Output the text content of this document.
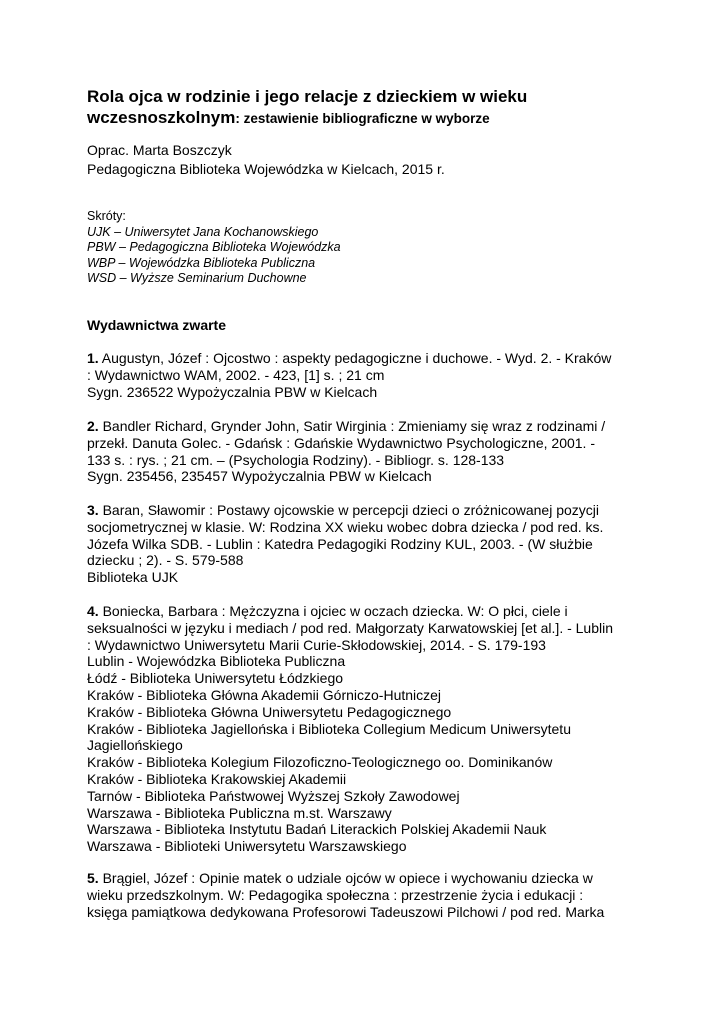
Rola ojca w rodzinie i jego relacje z dzieckiem w wieku
wczesnoszkolnym: zestawienie bibliograficzne w wyborze
Oprac. Marta Boszczyk
Pedagogiczna Biblioteka Wojewódzka w Kielcach, 2015 r.
Skróty:
UJK – Uniwersytet Jana Kochanowskiego
PBW – Pedagogiczna Biblioteka Wojewódzka
WBP – Wojewódzka Biblioteka Publiczna
WSD – Wyższe Seminarium Duchowne
Wydawnictwa zwarte
1. Augustyn, Józef : Ojcostwo : aspekty pedagogiczne i duchowe. - Wyd. 2. - Kraków
: Wydawnictwo WAM, 2002. - 423, [1] s. ; 21 cm
Sygn. 236522 Wypożyczalnia PBW w Kielcach
2. Bandler Richard, Grynder John, Satir Wirginia : Zmieniamy się wraz z rodzinami /
przekł. Danuta Golec. - Gdańsk : Gdańskie Wydawnictwo Psychologiczne, 2001. -
133 s. : rys. ; 21 cm. – (Psychologia Rodziny). - Bibliogr. s. 128-133
Sygn. 235456, 235457 Wypożyczalnia PBW w Kielcach
3. Baran, Sławomir : Postawy ojcowskie w percepcji dzieci o zróżnicowanej pozycji
socjometrycznej w klasie. W: Rodzina XX wieku wobec dobra dziecka / pod red. ks.
Józefa Wilka SDB. - Lublin : Katedra Pedagogiki Rodziny KUL, 2003. - (W służbie
dziecku ; 2). - S. 579-588
Biblioteka UJK
4. Boniecka, Barbara : Mężczyzna i ojciec w oczach dziecka. W: O płci, ciele i
seksualności w języku i mediach / pod red. Małgorzaty Karwatowskiej [et al.]. - Lublin
: Wydawnictwo Uniwersytetu Marii Curie-Skłodowskiej, 2014. - S. 179-193
Lublin - Wojewódzka Biblioteka Publiczna
Łódź - Biblioteka Uniwersytetu Łódzkiego
Kraków - Biblioteka Główna Akademii Górniczo-Hutniczej
Kraków - Biblioteka Główna Uniwersytetu Pedagogicznego
Kraków - Biblioteka Jagiellońska i Biblioteka Collegium Medicum Uniwersytetu
Jagiellońskiego
Kraków - Biblioteka Kolegium Filozoficzno-Teologicznego oo. Dominikanów
Kraków - Biblioteka Krakowskiej Akademii
Tarnów - Biblioteka Państwowej Wyższej Szkoły Zawodowej
Warszawa - Biblioteka Publiczna m.st. Warszawy
Warszawa - Biblioteka Instytutu Badań Literackich Polskiej Akademii Nauk
Warszawa - Biblioteki Uniwersytetu Warszawskiego
5. Brągiel, Józef : Opinie matek o udziale ojców w opiece i wychowaniu dziecka w
wieku przedszkolnym. W: Pedagogika społeczna : przestrzenie życia i edukacji :
księga pamiątkowa dedykowana Profesorowi Tadeuszowi Pilchowi / pod red. Marka
